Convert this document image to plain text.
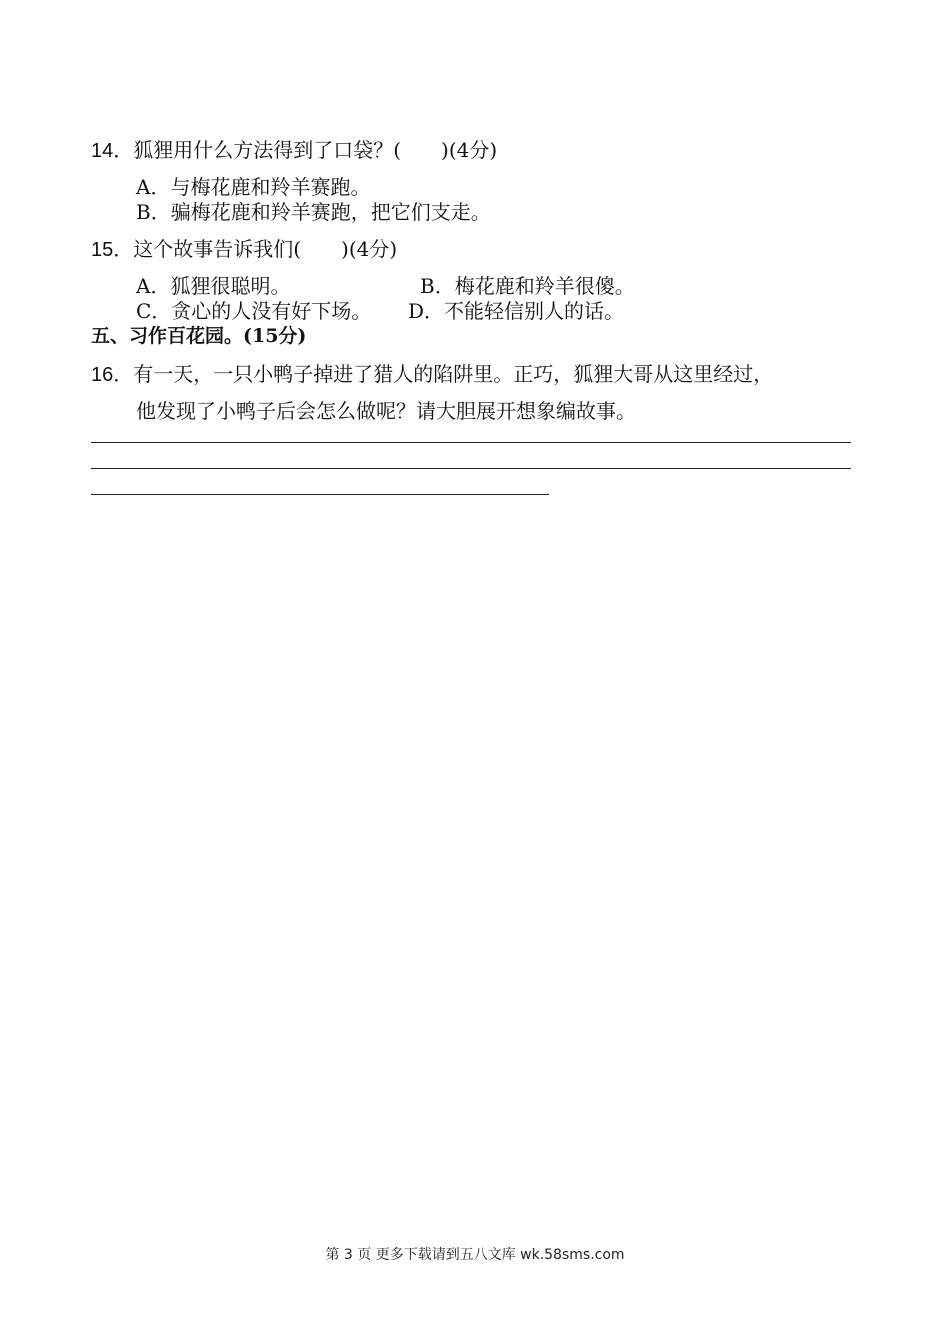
14．狐狸用什么方法得到了口袋？(　　)(4分)
A．与梅花鹿和羚羊赛跑。
B．骗梅花鹿和羚羊赛跑，把它们支走。
15．这个故事告诉我们(　　)(4分)
A．狐狸很聪明。	B．梅花鹿和羚羊很傻。
C．贪心的人没有好下场。 D．不能轻信别人的话。
五、习作百花园。(15分)
16．有一天，一只小鸭子掉进了猎人的陷阱里。正巧，狐狸大哥从这里经过，
他发现了小鸭子后会怎么做呢？请大胆展开想象编故事。
第 3 页 更多下载请到五八文库 wk.58sms.com
